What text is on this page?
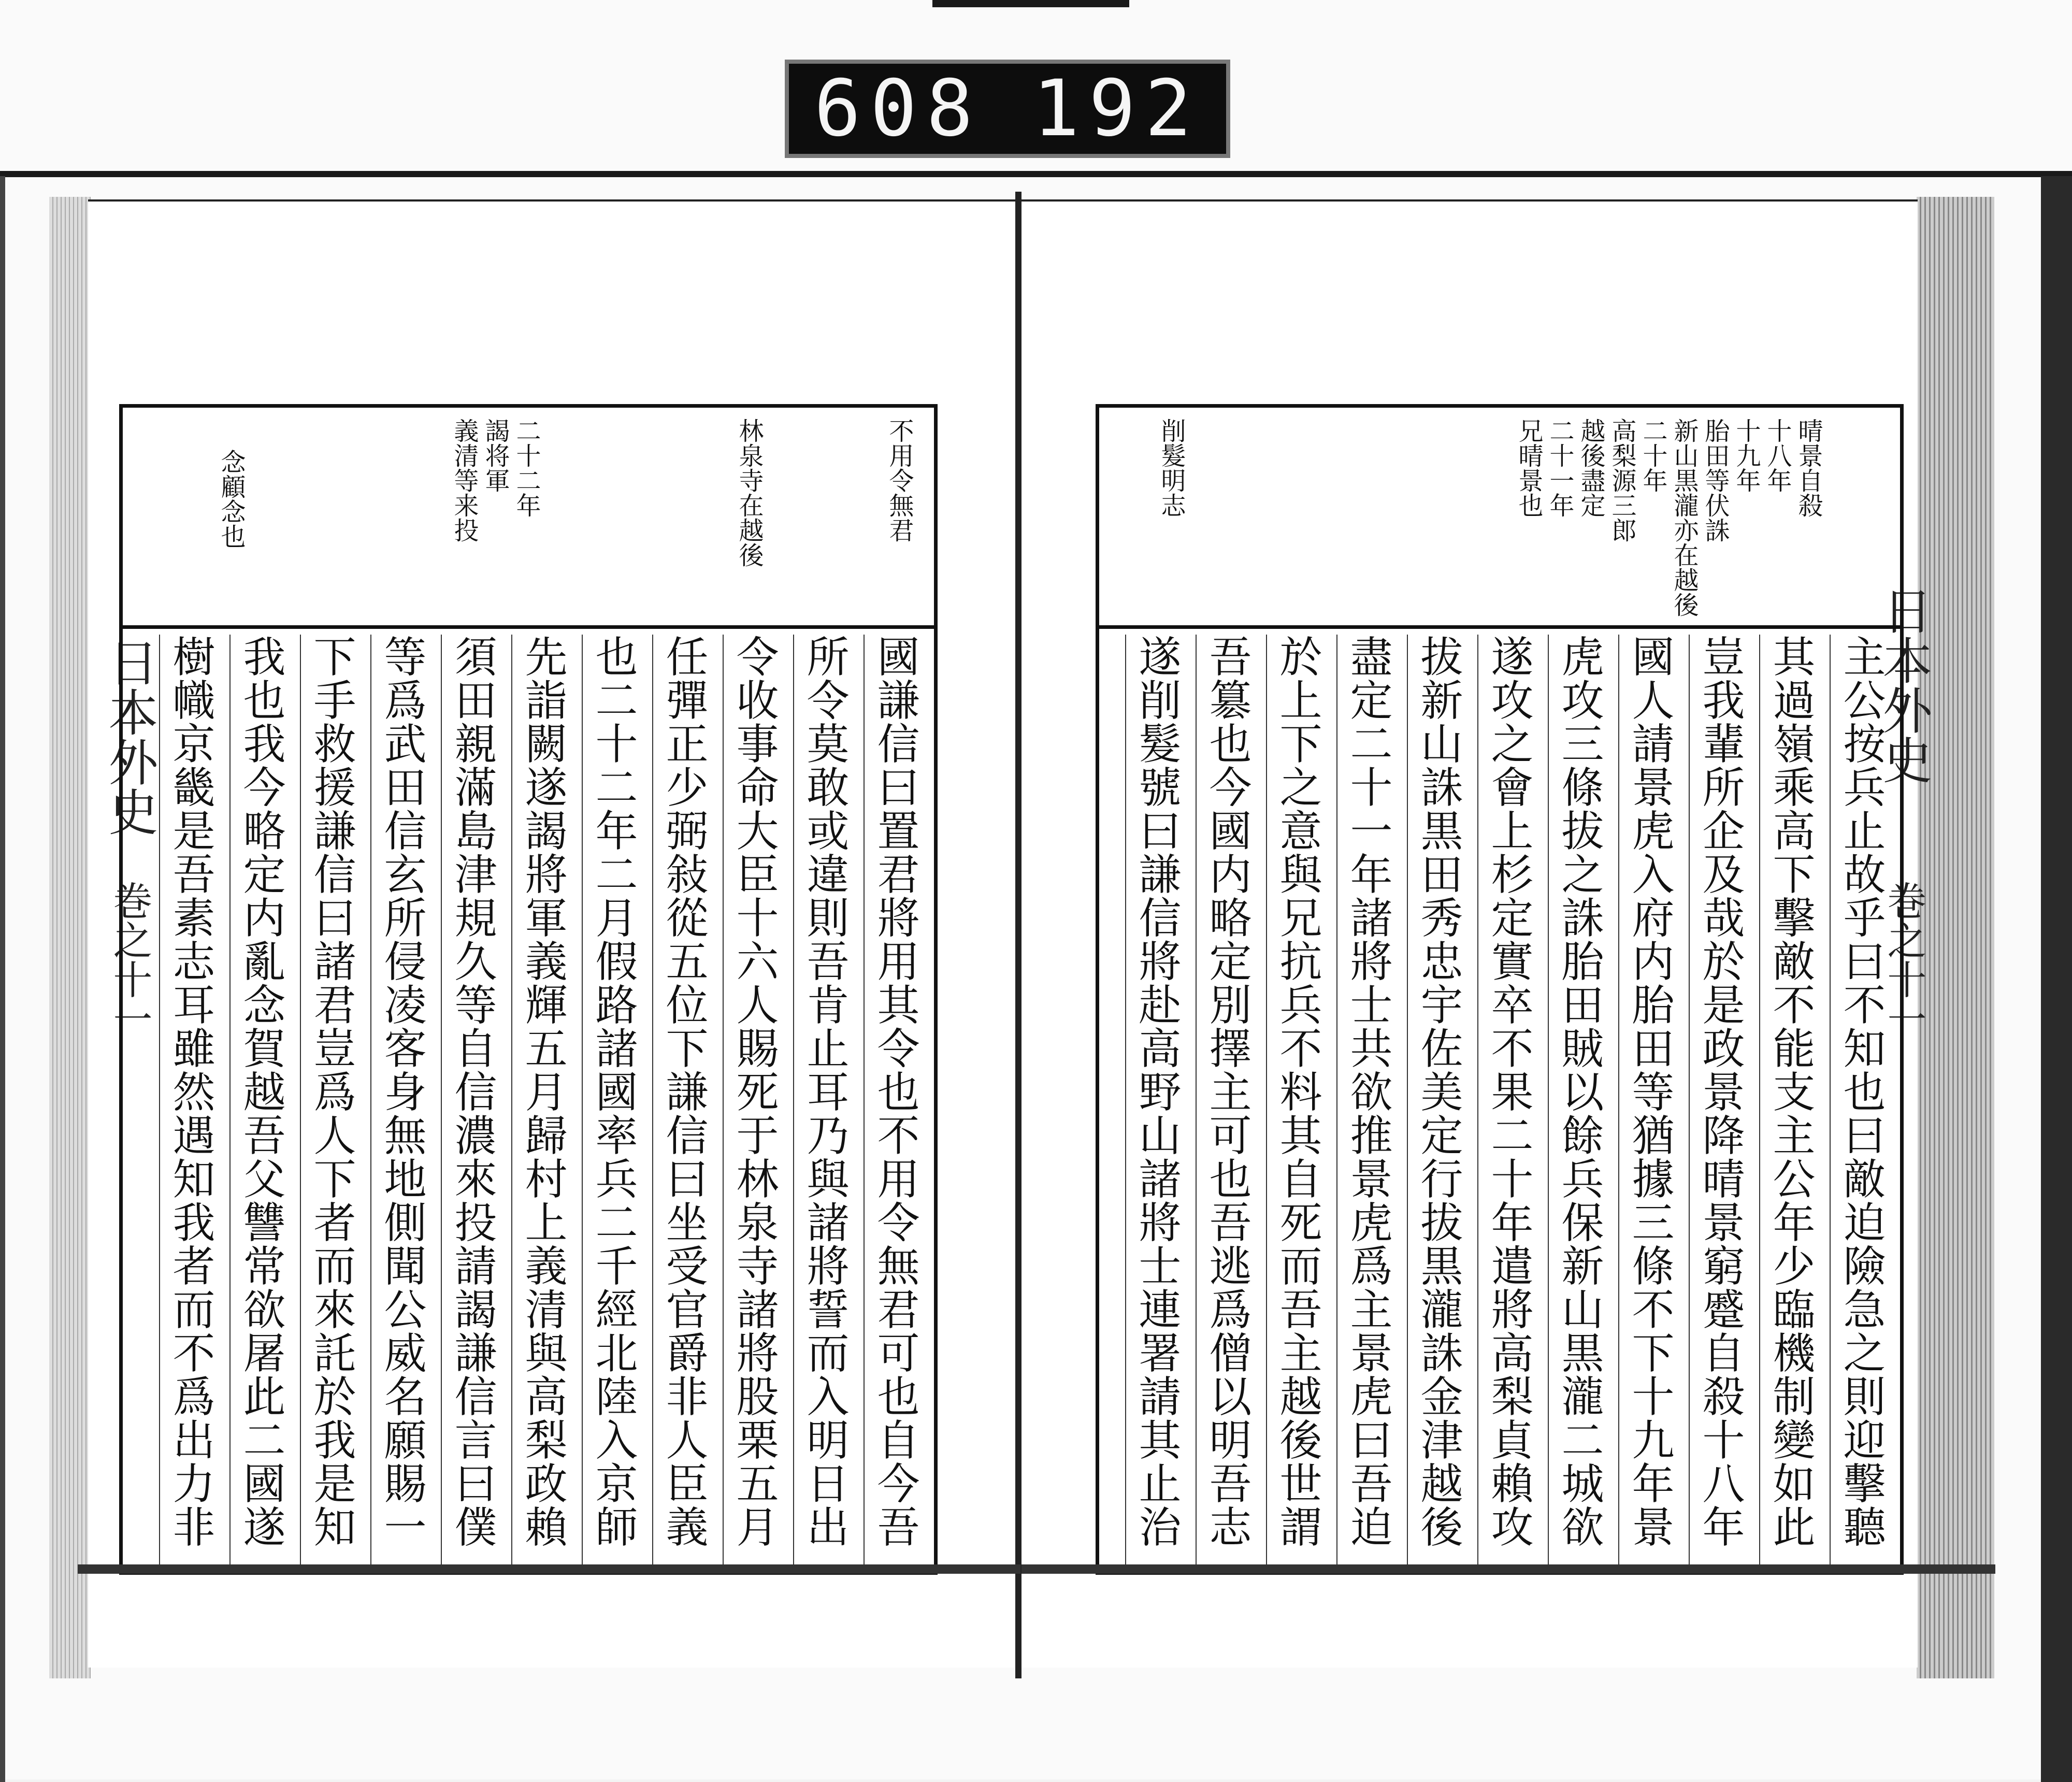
608 192
日本外史
巻之十一
不用令無君
林泉寺在越後
二十二年
謁将軍
義清等来投
念顧念也
國謙信曰置君將用其令也不用令無君可也自今吾
所令莫敢或違則吾肯止耳乃與諸將誓而入明日出
令收事命大臣十六人賜死于林泉寺諸將股栗五月
任彈正少弼敍從五位下謙信曰坐受官爵非人臣義
也二十二年二月假路諸國率兵二千經北陸入京師
先詣闕遂謁將軍義輝五月歸村上義清與高梨政賴
須田親滿島津規久等自信濃來投請謁謙信言曰僕
等爲武田信玄所侵凌客身無地側聞公威名願賜一
下手救援謙信曰諸君豈爲人下者而來託於我是知
我也我今略定内亂念賀越吾父讐常欲屠此二國遂
樹幟京畿是吾素志耳雖然遇知我者而不爲出力非	日本外史
巻之十一
晴景自殺
十八年
十九年
胎田等伏誅
新山黒瀧亦在越後
二十年
高梨源三郎
越後盡定
二十一年
兄晴景也
削髮明志
主公按兵止故乎曰不知也曰敵迫險急之則迎擊聽
其過嶺乘高下擊敵不能支主公年少臨機制變如此
豈我輩所企及哉於是政景降晴景窮蹙自殺十八年
國人請景虎入府内胎田等猶據三條不下十九年景
虎攻三條拔之誅胎田賊以餘兵保新山黒瀧二城欲
遂攻之會上杉定實卒不果二十年遣將高梨貞賴攻
拔新山誅黒田秀忠宇佐美定行拔黒瀧誅金津越後
盡定二十一年諸將士共欲推景虎爲主景虎曰吾迫
於上下之意與兄抗兵不料其自死而吾主越後世謂
吾簒也今國内略定別擇主可也吾逃爲僧以明吾志
遂削髮號曰謙信將赴高野山諸將士連署請其止治
